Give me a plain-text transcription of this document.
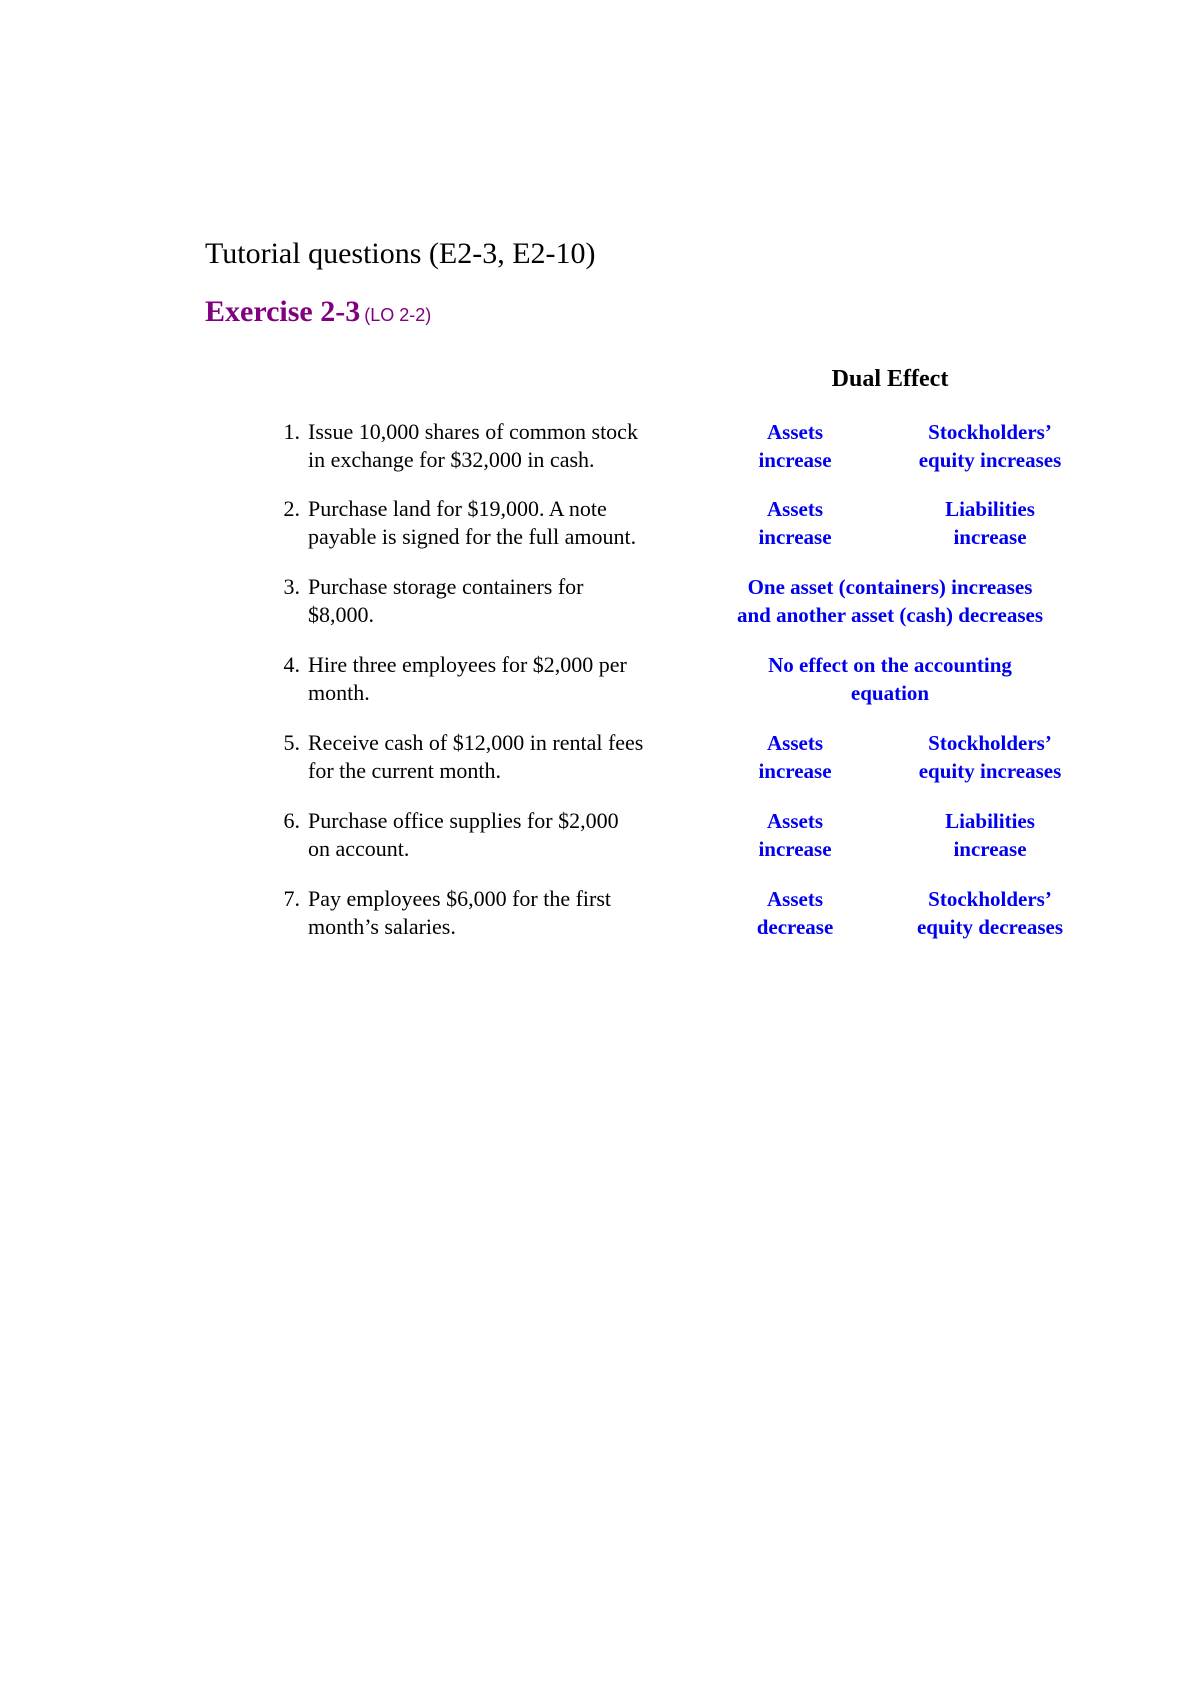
Tutorial questions (E2-3, E2-10)
Exercise 2-3 (LO 2-2)
Dual Effect
1. Issue 10,000 shares of common stock
in exchange for $32,000 in cash.
Assets
increase
Stockholders’
equity increases
2. Purchase land for $19,000. A note
payable is signed for the full amount.
Assets
increase
Liabilities
increase
3. Purchase storage containers for
$8,000.
One asset (containers) increases
and another asset (cash) decreases
4. Hire three employees for $2,000 per
month.
No effect on the accounting
equation
5. Receive cash of $12,000 in rental fees
for the current month.
Assets
increase
Stockholders’
equity increases
6. Purchase office supplies for $2,000
on account.
Assets
increase
Liabilities
increase
7. Pay employees $6,000 for the first
month’s salaries.
Assets
decrease
Stockholders’
equity decreases
